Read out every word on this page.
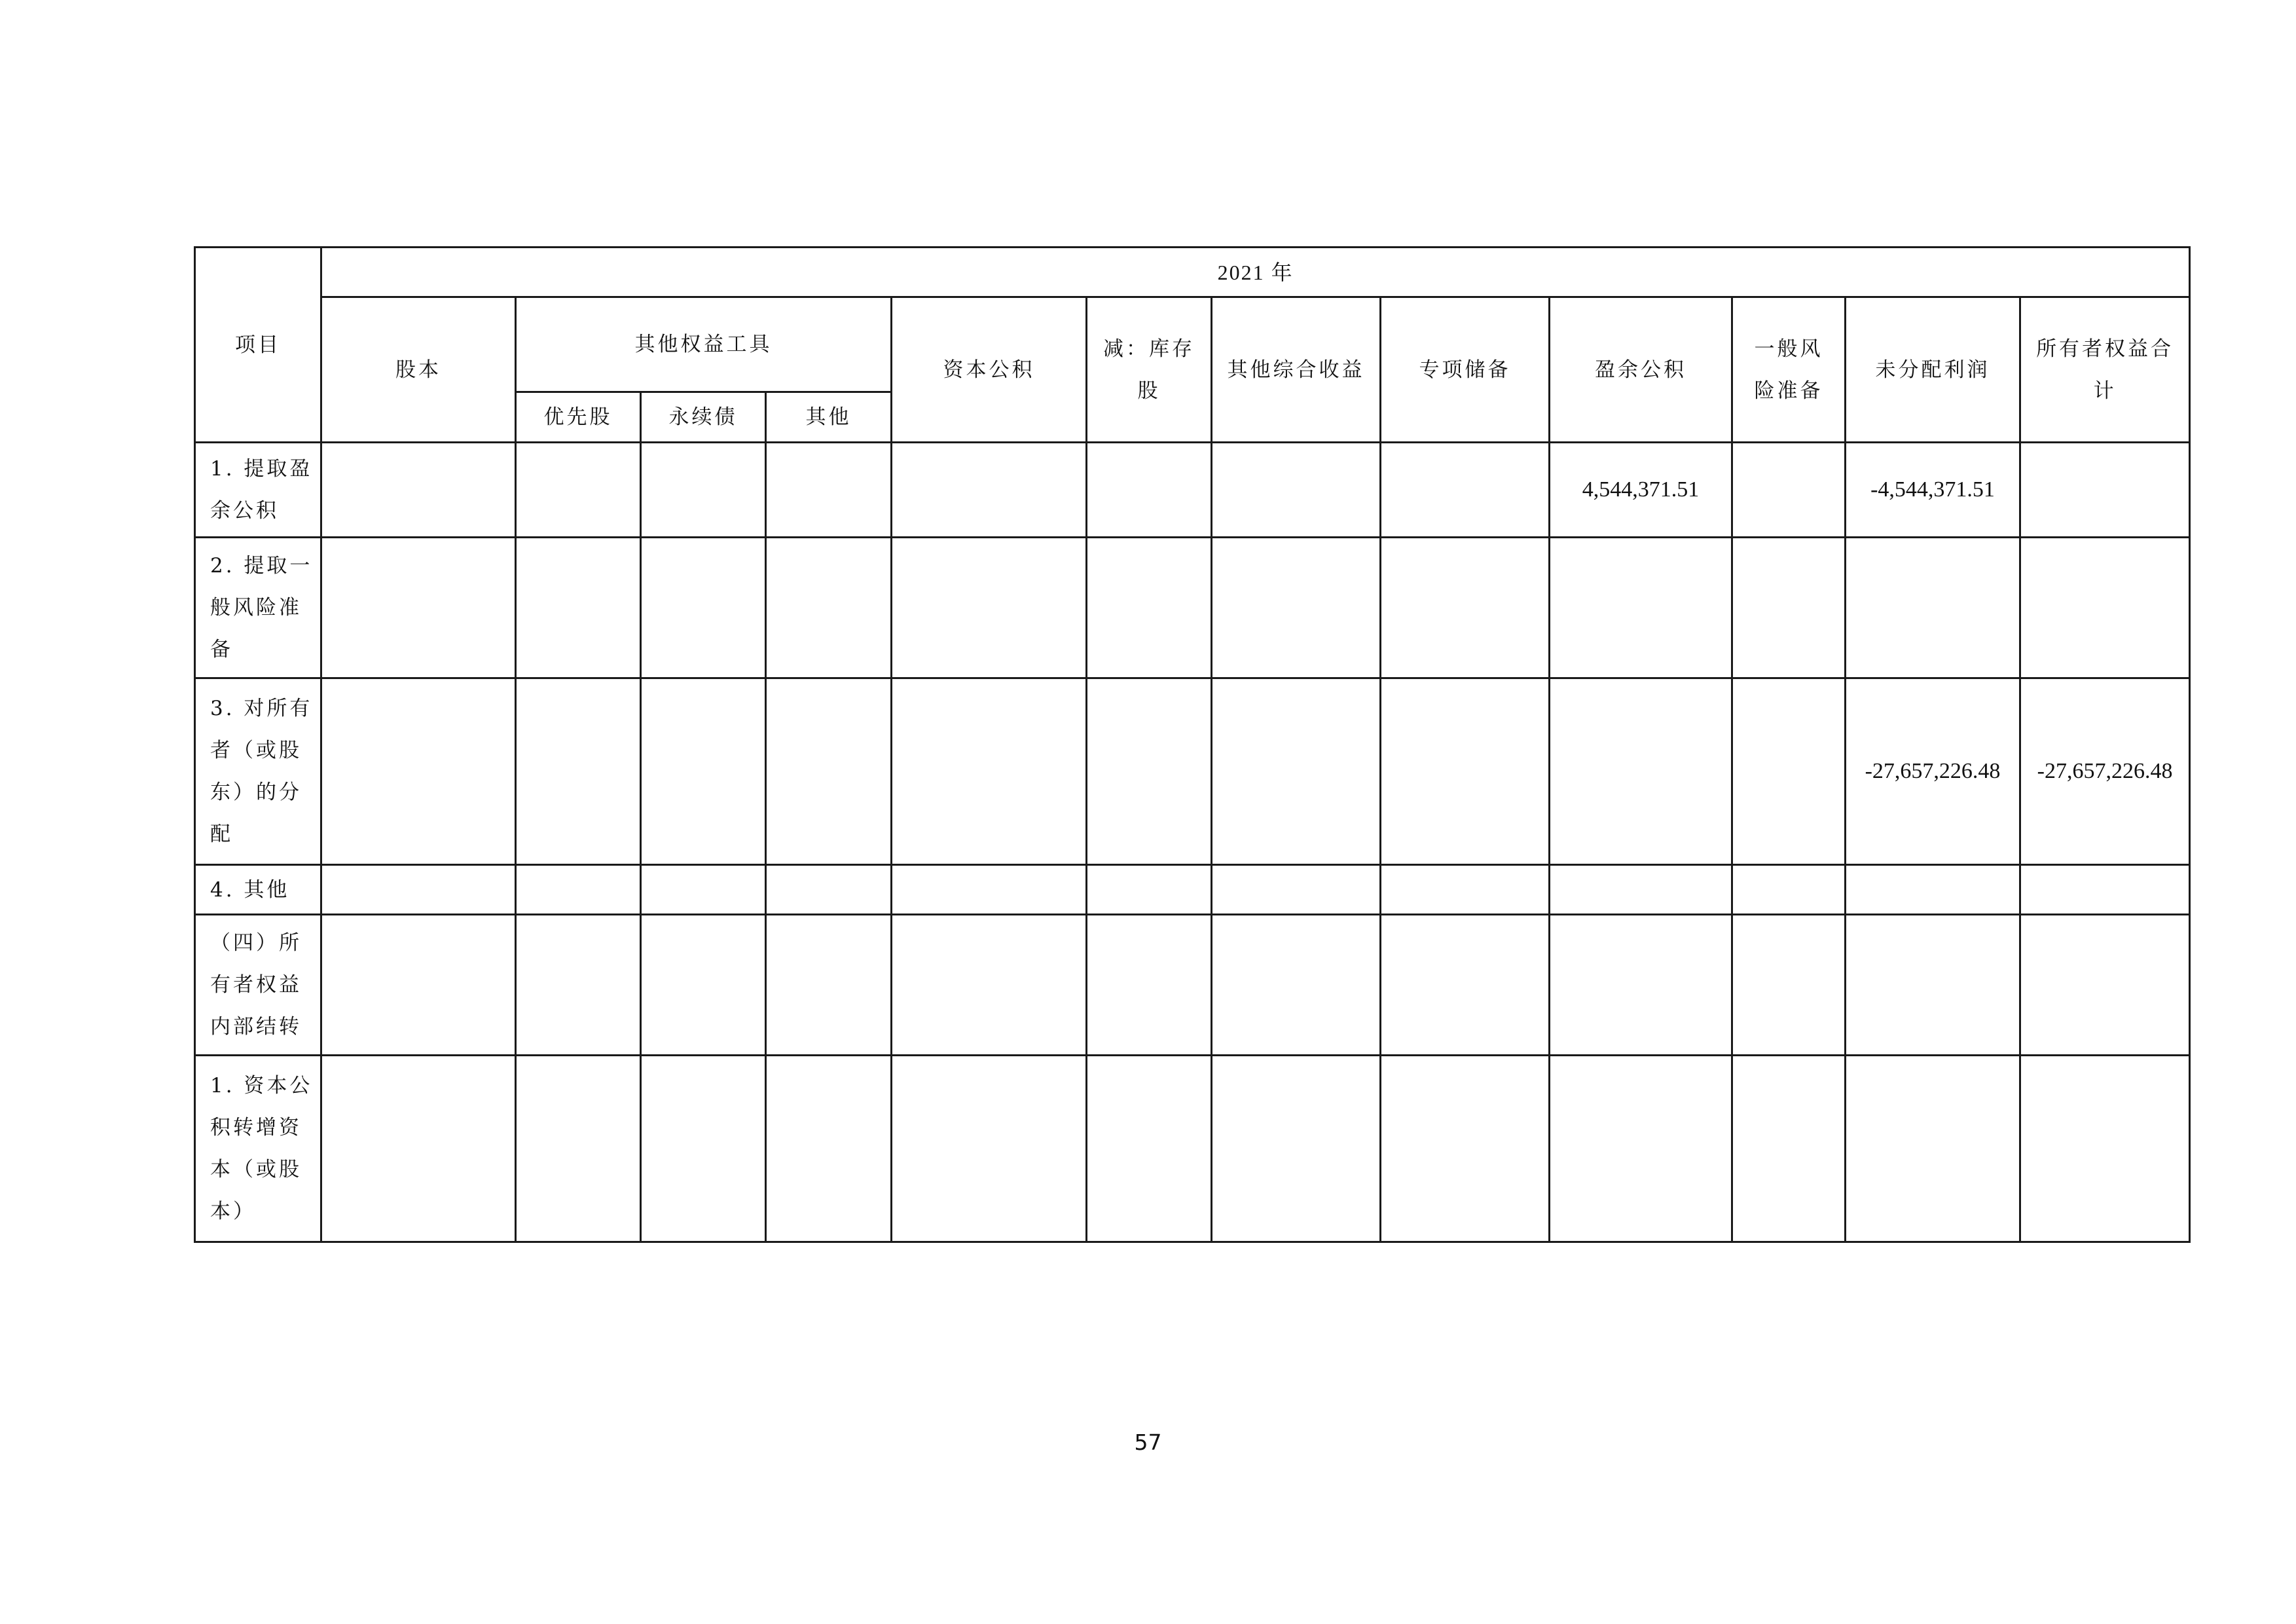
项目	2021 年											
	股本	其他权益工具			资本公积	减：库存股	其他综合收益	专项储备	盈余公积	一般风险准备	未分配利润	所有者权益合计
		优先股	永续债	其他								
1. 提取盈余公积									4,544,371.51		-4,544,371.51	
2. 提取一般风险准备												
3. 对所有者（或股东）的分配											-27,657,226.48	-27,657,226.48
4. 其他												
（四）所有者权益内部结转												
1. 资本公积转增资本（或股本）												
57
